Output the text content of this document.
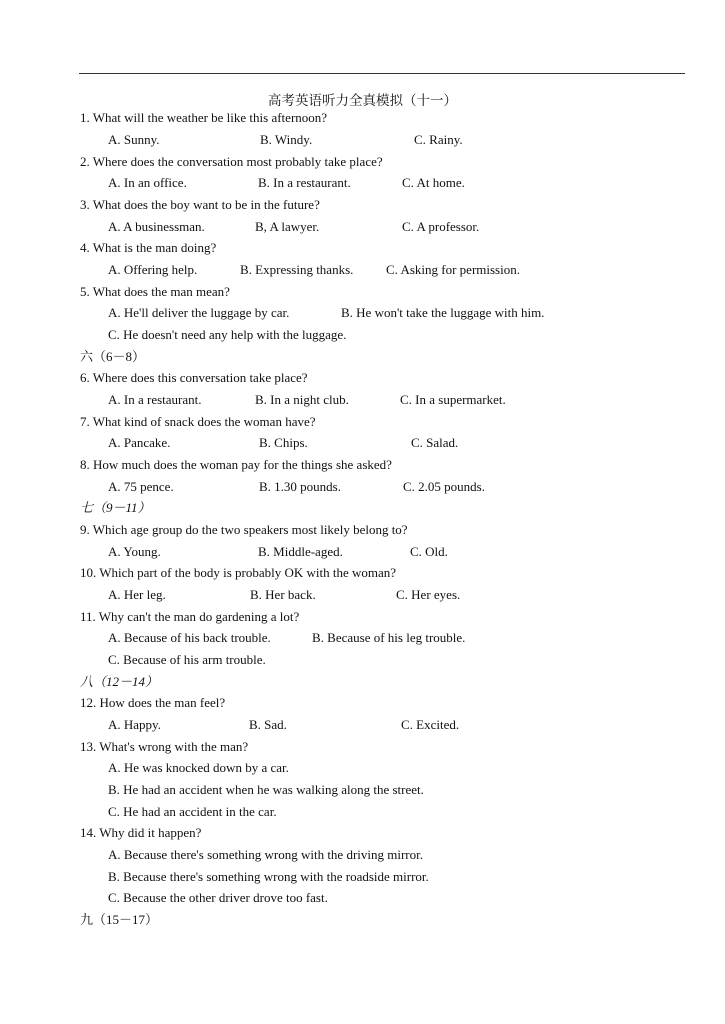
高考英语听力全真模拟（十一）
1. What will the weather be like this afternoon?
A. Sunny.	B. Windy.	C. Rainy.
2. Where does the conversation most probably take place?
A. In an office.	B. In a restaurant.	C. At home.
3. What does the boy want to be in the future?
A. A businessman.	B, A lawyer.	C. A professor.
4. What is the man doing?
A. Offering help.	B. Expressing thanks.	C. Asking for permission.
5. What does the man mean?
A. He'll deliver the luggage by car.	B. He won't take the luggage with him.
C. He doesn't need any help with the luggage.
六（6－8）
6. Where does this conversation take place?
A. In a restaurant.	B. In a night club.	C. In a supermarket.
7. What kind of snack does the woman have?
A. Pancake.	B. Chips.	C. Salad.
8. How much does the woman pay for the things she asked?
A. 75 pence.	B. 1.30 pounds.	C. 2.05 pounds.
七（9－11）
9. Which age group do the two speakers most likely belong to?
A. Young.	B. Middle-aged.	C. Old.
10. Which part of the body is probably OK with the woman?
A. Her leg.	B. Her back.	C. Her eyes.
11. Why can't the man do gardening a lot?
A. Because of his back trouble.	B. Because of his leg trouble.
C. Because of his arm trouble.
八（12－14）
12. How does the man feel?
A. Happy.	B. Sad.	C. Excited.
13. What's wrong with the man?
A. He was knocked down by a car.
B. He had an accident when he was walking along the street.
C. He had an accident in the car.
14. Why did it happen?
A. Because there's something wrong with the driving mirror.
B. Because there's something wrong with the roadside mirror.
C. Because the other driver drove too fast.
九（15－17）
